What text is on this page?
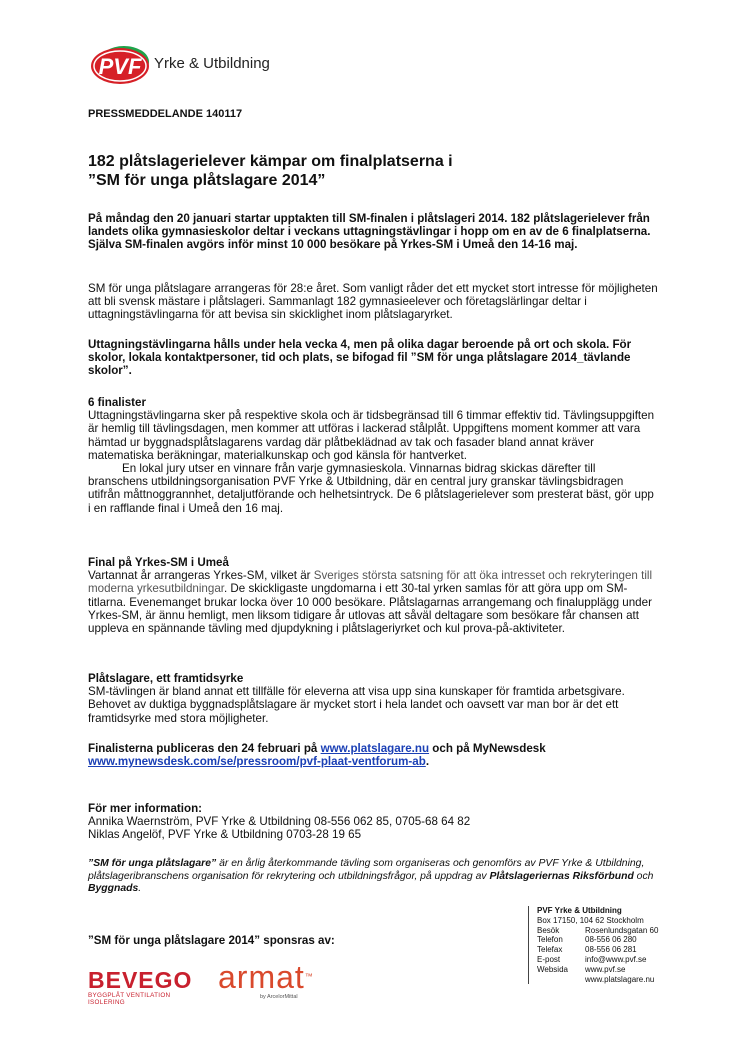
PVF Yrke & Utbildning
PRESSMEDDELANDE 140117
182 plåtslagerielever kämpar om finalplatserna i
”SM för unga plåtslagare 2014”
På måndag den 20 januari startar upptakten till SM-finalen i plåtslageri 2014. 182 plåtslagerielever från landets olika gymnasieskolor deltar i veckans uttagningstävlingar i hopp om en av de 6 finalplatserna. Själva SM-finalen avgörs inför minst 10 000 besökare på Yrkes-SM i Umeå den 14-16 maj.
SM för unga plåtslagare arrangeras för 28:e året. Som vanligt råder det ett mycket stort intresse för möjligheten att bli svensk mästare i plåtslageri. Sammanlagt 182 gymnasieelever och företagslärlingar deltar i uttagningstävlingarna för att bevisa sin skicklighet inom plåtslagaryrket.
Uttagningstävlingarna hålls under hela vecka 4, men på olika dagar beroende på ort och skola. För skolor, lokala kontaktpersoner, tid och plats, se bifogad fil ”SM för unga plåtslagare 2014_tävlande skolor”.

6 finalister

Uttagningstävlingarna sker på respektive skola och är tidsbegränsad till 6 timmar effektiv tid. Tävlingsuppgiften är hemlig till tävlingsdagen, men kommer att utföras i lackerad stålplåt. Uppgiftens moment kommer att vara hämtad ur byggnadsplåtslagarens vardag där plåtbeklädnad av tak och fasader bland annat kräver matematiska beräkningar, materialkunskap och god känsla för hantverket.

En lokal jury utser en vinnare från varje gymnasieskola. Vinnarnas bidrag skickas därefter till branschens utbildningsorganisation PVF Yrke & Utbildning, där en central jury granskar tävlingsbidragen utifrån måttnoggrannhet, detaljutförande och helhetsintryck. De 6 plåtslagerielever som presterat bäst, gör upp i en rafflande final i Umeå den 16 maj.

Final på Yrkes-SM i Umeå

Vartannat år arrangeras Yrkes-SM, vilket är Sveriges största satsning för att öka intresset och rekryteringen till moderna yrkesutbildningar. De skickligaste ungdomarna i ett 30-tal yrken samlas för att göra upp om SM-titlarna. Evenemanget brukar locka över 10 000 besökare. Plåtslagarnas arrangemang och finalupplägg under Yrkes-SM, är ännu hemligt, men liksom tidigare år utlovas att såväl deltagare som besökare får chansen att uppleva en spännande tävling med djupdykning i plåtslageriyrket och kul prova-på-aktiviteter.

Plåtslagare, ett framtidsyrke

SM-tävlingen är bland annat ett tillfälle för eleverna att visa upp sina kunskaper för framtida arbetsgivare. Behovet av duktiga byggnadsplåtslagare är mycket stort i hela landet och oavsett var man bor är det ett framtidsyrke med stora möjligheter.

Finalisterna publiceras den 24 februari på www.platslagare.nu och på MyNewsdesk www.mynewsdesk.com/se/pressroom/pvf-plaat-ventforum-ab.

För mer information:

Annika Waernström, PVF Yrke & Utbildning 08-556 062 85, 0705-68 64 82

Niklas Angelöf, PVF Yrke & Utbildning 0703-28 19 65

”SM för unga plåtslagare” är en årlig återkommande tävling som organiseras och genomförs av PVF Yrke & Utbildning, plåtslageribranschens organisation för rekrytering och utbildningsfrågor, på uppdrag av Plåtslageriernas Riksförbund och Byggnads.
PVF Yrke & Utbildning
Box 17150, 104 62 Stockholm
Besök	Rosenlundsgatan 60
Telefon	08-556 06 280
Telefax	08-556 06 281
E-post	info@www.pvf.se
Websida	www.pvf.se
www.platslagare.nu
”SM för unga plåtslagare 2014” sponsras av:
BEVEGO
BYGGPLÅT VENTILATION ISOLERING
armat™
by ArcelorMittal
